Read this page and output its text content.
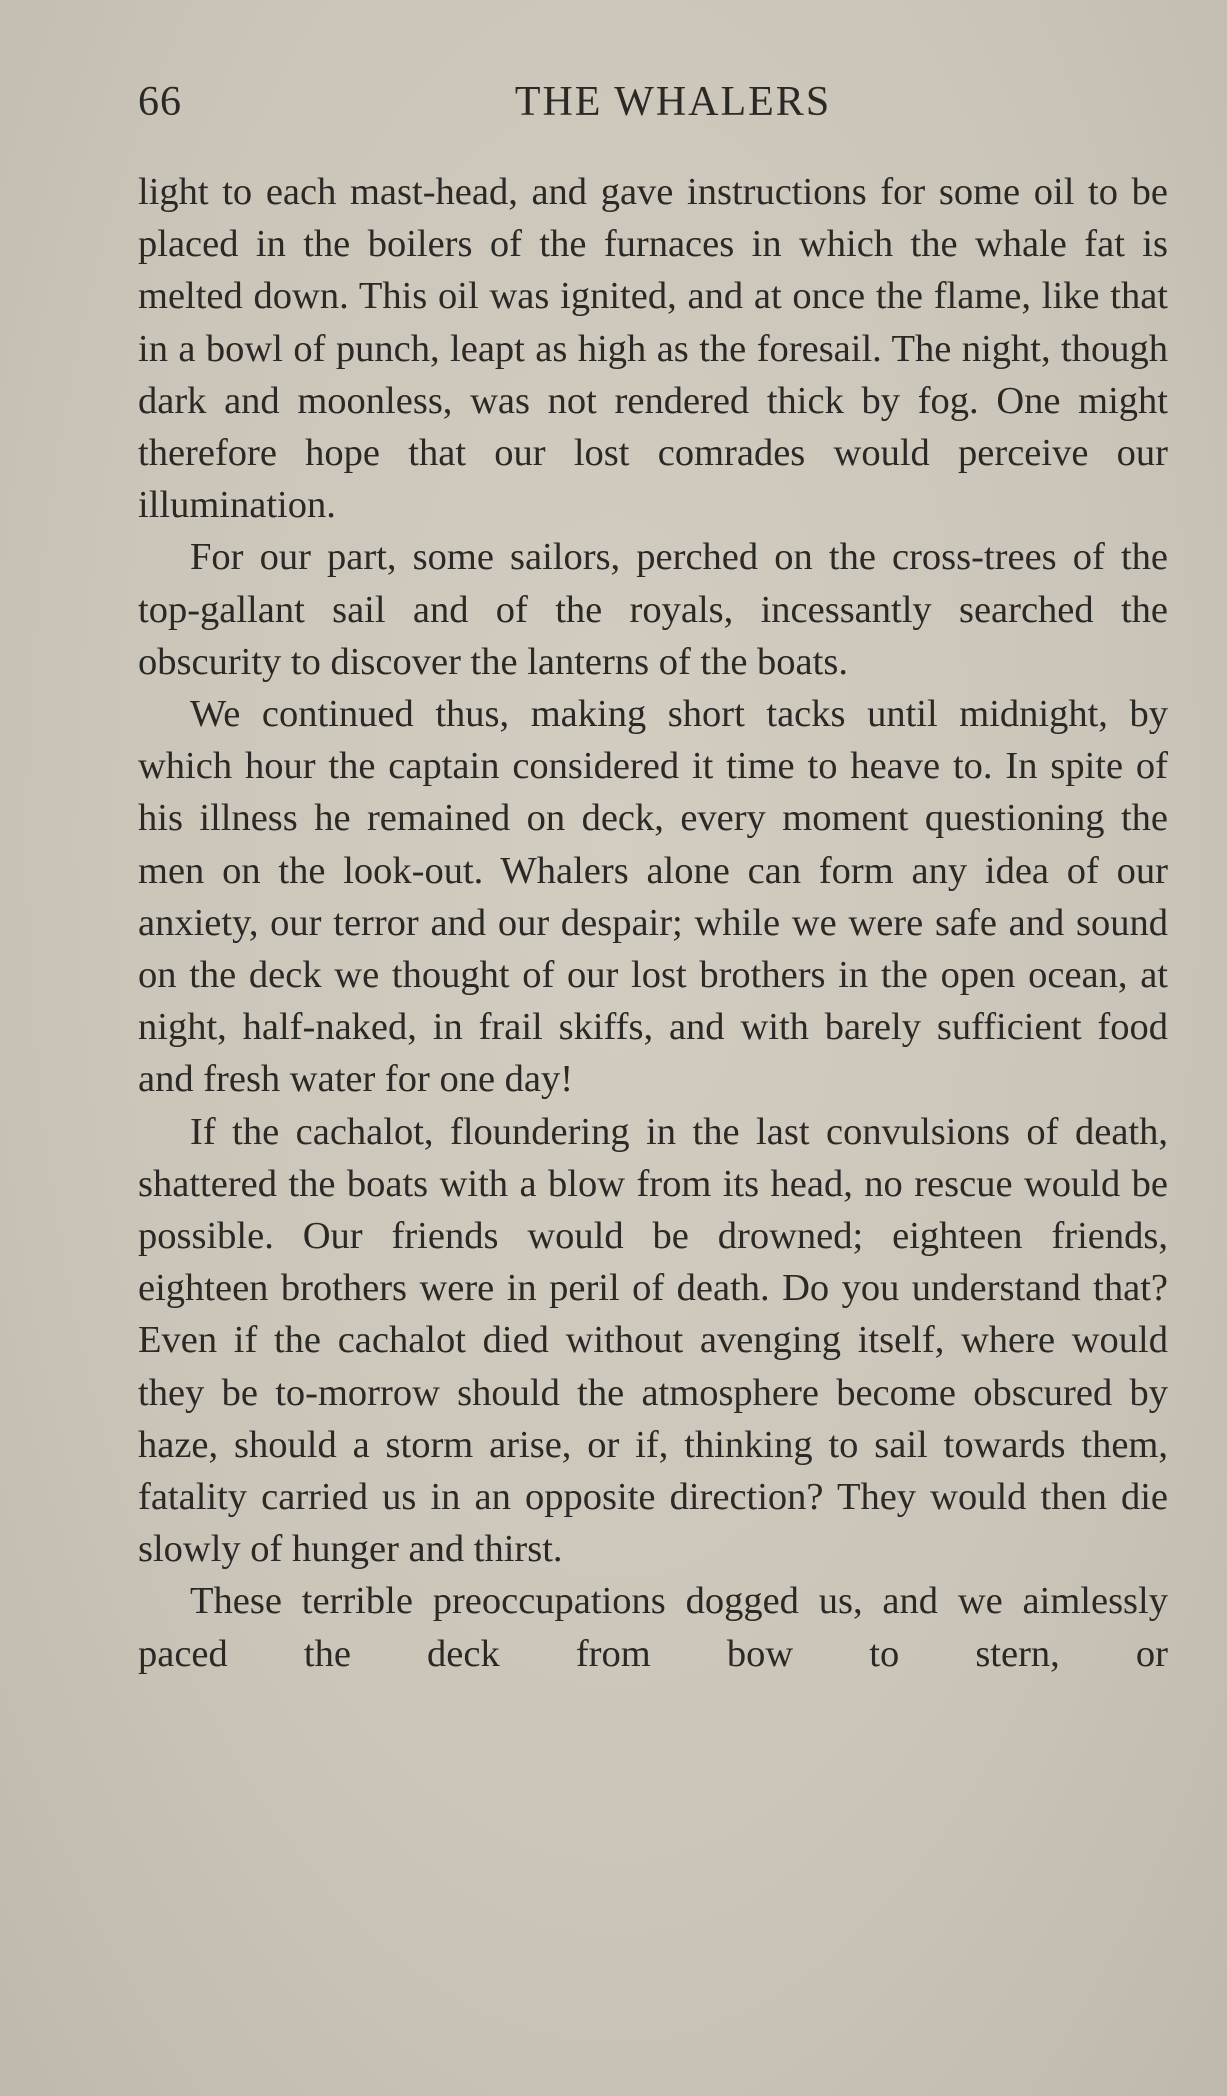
66	THE WHALERS

light to each mast-head, and gave instructions for some oil to be placed in the boilers of the furnaces in which the whale fat is melted down. This oil was ignited, and at once the flame, like that in a bowl of punch, leapt as high as the foresail. The night, though dark and moonless, was not rendered thick by fog. One might therefore hope that our lost comrades would perceive our illumination.

For our part, some sailors, perched on the cross-trees of the top-gallant sail and of the royals, incessantly searched the obscurity to discover the lanterns of the boats.

We continued thus, making short tacks until midnight, by which hour the captain considered it time to heave to. In spite of his illness he remained on deck, every moment questioning the men on the look-out. Whalers alone can form any idea of our anxiety, our terror and our despair; while we were safe and sound on the deck we thought of our lost brothers in the open ocean, at night, half-naked, in frail skiffs, and with barely sufficient food and fresh water for one day!

If the cachalot, floundering in the last convulsions of death, shattered the boats with a blow from its head, no rescue would be possible. Our friends would be drowned; eighteen friends, eighteen brothers were in peril of death. Do you understand that? Even if the cachalot died without avenging itself, where would they be to-morrow should the atmosphere become obscured by haze, should a storm arise, or if, thinking to sail towards them, fatality carried us in an opposite direction? They would then die slowly of hunger and thirst.

These terrible preoccupations dogged us, and we aimlessly paced the deck from bow to stern, or
